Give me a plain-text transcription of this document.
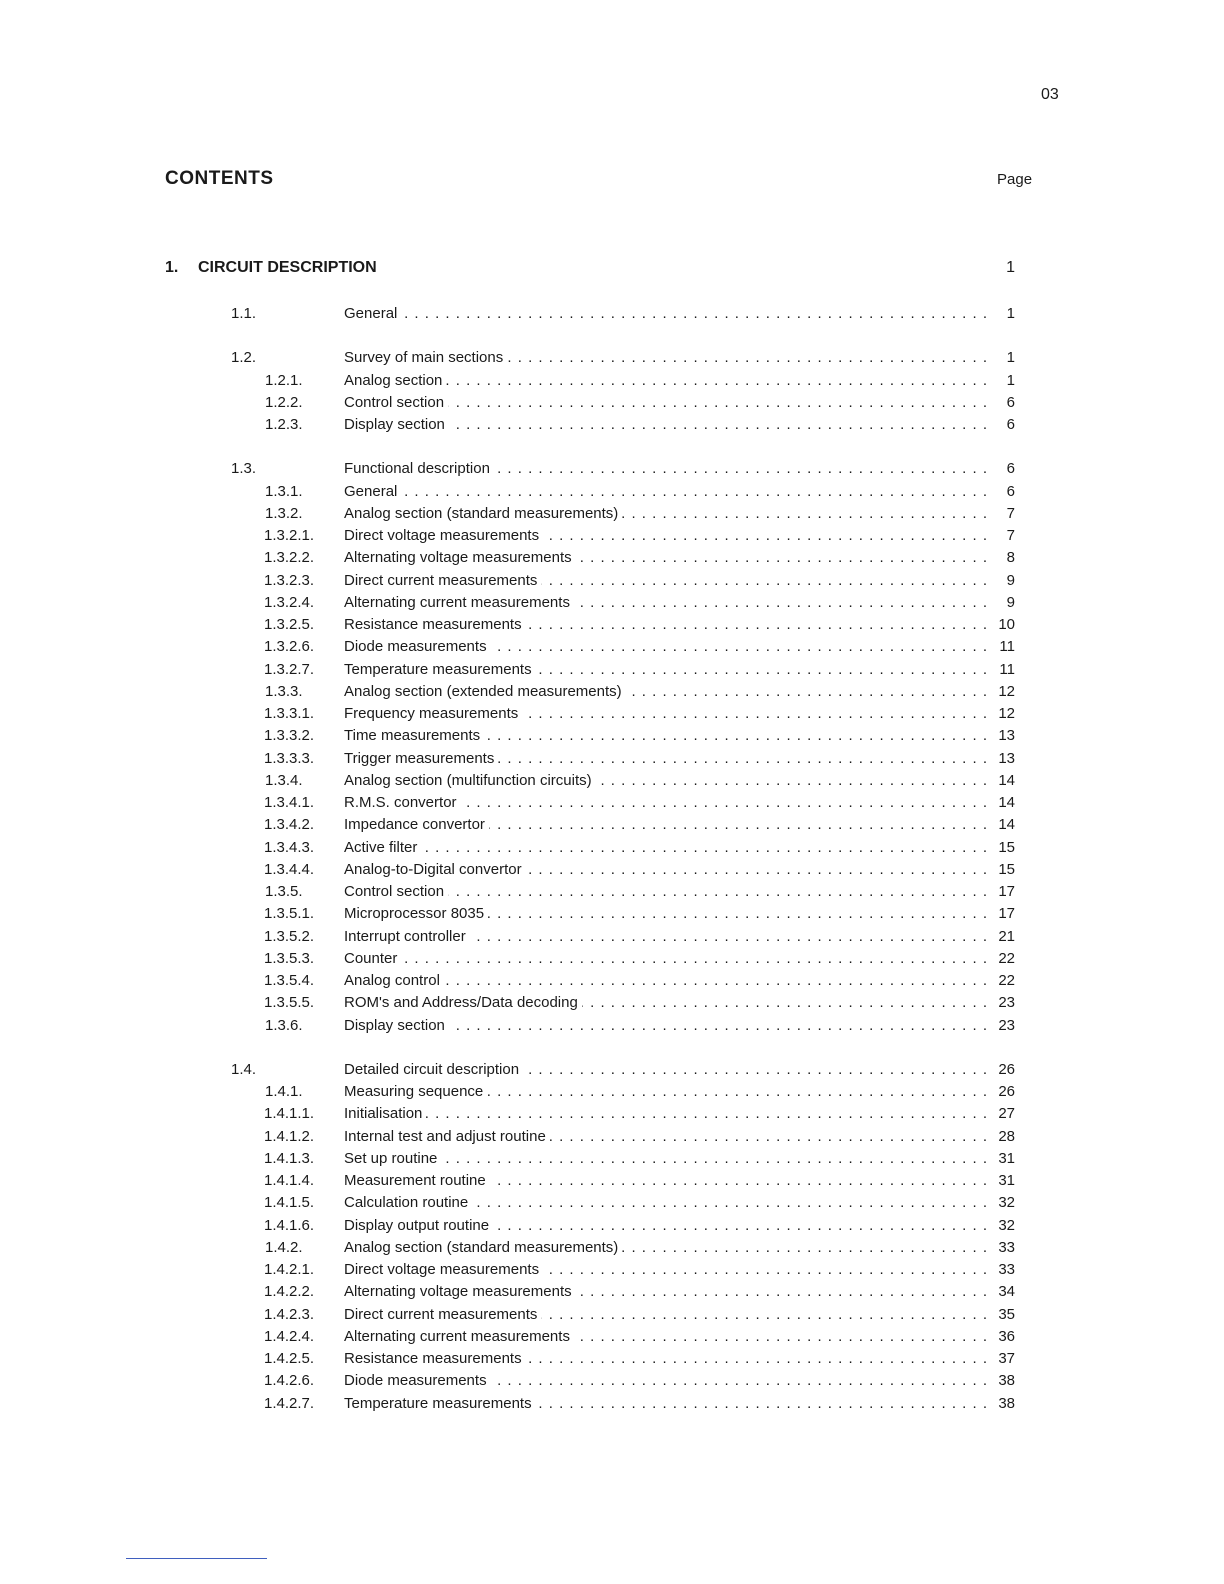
03
CONTENTS	Page
1. CIRCUIT DESCRIPTION	1
1.1.	General . . .	1
1.2.	Survey of main sections . . .	1
1.2.1.	Analog section . . .	1
1.2.2.	Control section . . .	6
1.2.3.	Display section . . .	6
1.3.	Functional description . . .	6
1.3.1.	General . . .	6
1.3.2.	Analog section (standard measurements) . . .	7
1.3.2.1. Direct voltage measurements . . .	7
1.3.2.2. Alternating voltage measurements . . .	8
1.3.2.3. Direct current measurements . . .	9
1.3.2.4. Alternating current measurements . . .	9
1.3.2.5. Resistance measurements . . .	10
1.3.2.6. Diode measurements . . .	11
1.3.2.7. Temperature measurements . . .	11
1.3.3.	Analog section (extended measurements) . . .	12
1.3.3.1. Frequency measurements . . .	12
1.3.3.2. Time measurements . . .	13
1.3.3.3. Trigger measurements . . .	13
1.3.4.	Analog section (multifunction circuits) . . .	14
1.3.4.1. R.M.S. convertor . . .	14
1.3.4.2. Impedance convertor . . .	14
1.3.4.3. Active filter . . .	15
1.3.4.4. Analog-to-Digital convertor . . .	15
1.3.5.	Control section . . .	17
1.3.5.1. Microprocessor 8035 . . .	17
1.3.5.2. Interrupt controller . . .	21
1.3.5.3. Counter . . .	22
1.3.5.4. Analog control . . .	22
1.3.5.5. ROM's and Address/Data decoding . . .	23
1.3.6.	Display section . . .	23
1.4.	Detailed circuit description . . .	26
1.4.1.	Measuring sequence . . .	26
1.4.1.1. Initialisation . . .	27
1.4.1.2. Internal test and adjust routine . . .	28
1.4.1.3. Set up routine . . .	31
1.4.1.4. Measurement routine . . .	31
1.4.1.5. Calculation routine . . .	32
1.4.1.6. Display output routine . . .	32
1.4.2.	Analog section (standard measurements) . . .	33
1.4.2.1. Direct voltage measurements . . .	33
1.4.2.2. Alternating voltage measurements . . .	34
1.4.2.3. Direct current measurements . . .	35
1.4.2.4. Alternating current measurements . . .	36
1.4.2.5. Resistance measurements . . .	37
1.4.2.6. Diode measurements . . .	38
1.4.2.7. Temperature measurements . . .	38
